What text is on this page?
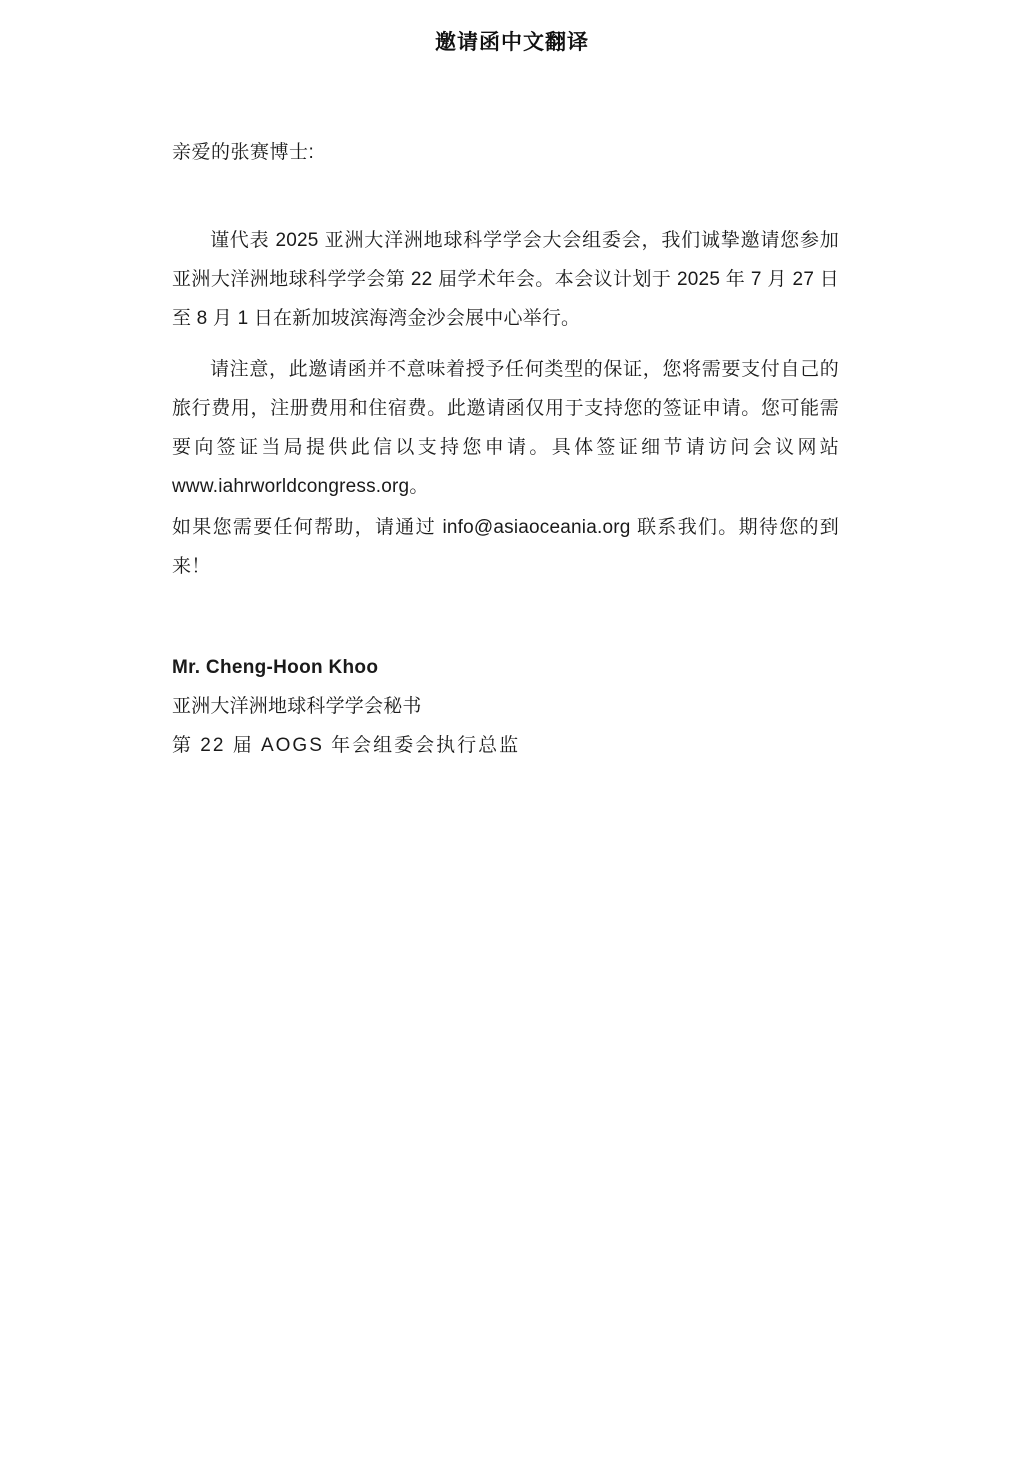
邀请函中文翻译
亲爱的张赛博士:

谨代表 2025 亚洲大洋洲地球科学学会大会组委会，我们诚挚邀请您参加亚洲大洋洲地球科学学会第 22 届学术年会。本会议计划于 2025 年 7 月 27 日至 8 月 1 日在新加坡滨海湾金沙会展中心举行。

请注意，此邀请函并不意味着授予任何类型的保证，您将需要支付自己的旅行费用，注册费用和住宿费。此邀请函仅用于支持您的签证申请。您可能需要向签证当局提供此信以支持您申请。具体签证细节请访问会议网站 www.iahrworldcongress.org。

如果您需要任何帮助，请通过 info@asiaoceania.org 联系我们。期待您的到来！

Mr. Cheng-Hoon Khoo
亚洲大洋洲地球科学学会秘书
第 22 届 AOGS 年会组委会执行总监
